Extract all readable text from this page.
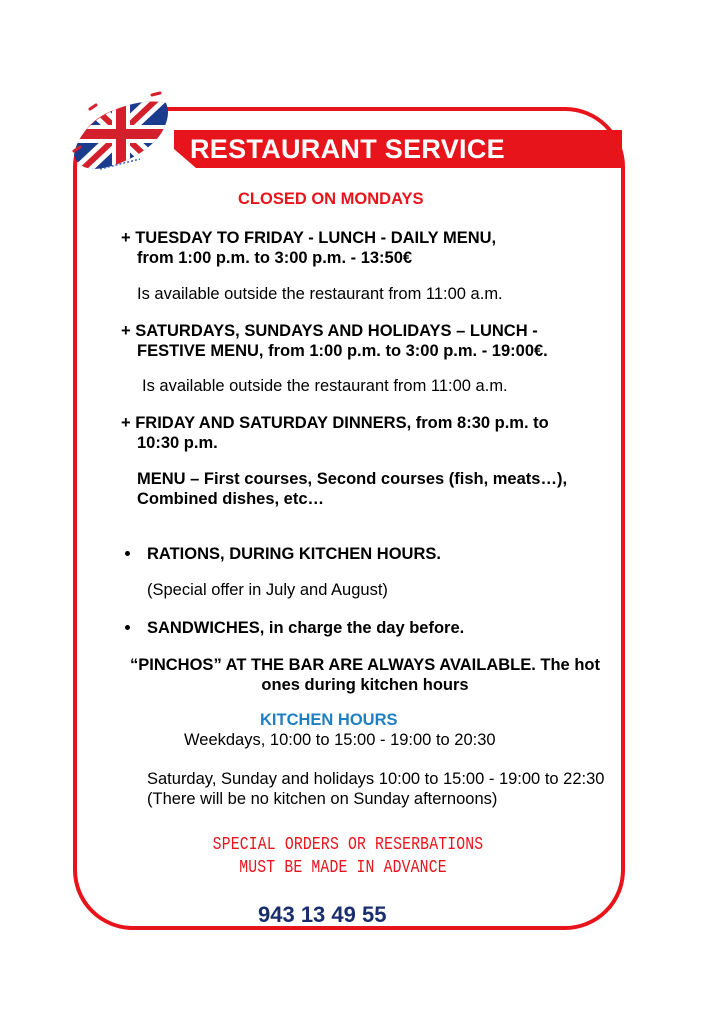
RESTAURANT SERVICE
CLOSED ON MONDAYS
+ TUESDAY TO FRIDAY - LUNCH - DAILY MENU,
from 1:00 p.m. to 3:00 p.m. - 13:50€
Is available outside the restaurant from 11:00 a.m.
+ SATURDAYS, SUNDAYS AND HOLIDAYS – LUNCH -
FESTIVE MENU, from 1:00 p.m. to 3:00 p.m. - 19:00€.
Is available outside the restaurant from 11:00 a.m.
+ FRIDAY AND SATURDAY DINNERS, from 8:30 p.m. to
10:30 p.m.
MENU – First courses, Second courses (fish, meats…),
Combined dishes, etc…
RATIONS, DURING KITCHEN HOURS.
(Special offer in July and August)
SANDWICHES, in charge the day before.
“PINCHOS” AT THE BAR ARE ALWAYS AVAILABLE. The hot
ones during kitchen hours
KITCHEN HOURS
Weekdays, 10:00 to 15:00 - 19:00 to 20:30
Saturday, Sunday and holidays 10:00 to 15:00 - 19:00 to 22:30
(There will be no kitchen on Sunday afternoons)
SPECIAL ORDERS OR RESERBATIONS
MUST BE MADE IN ADVANCE
943 13 49 55
